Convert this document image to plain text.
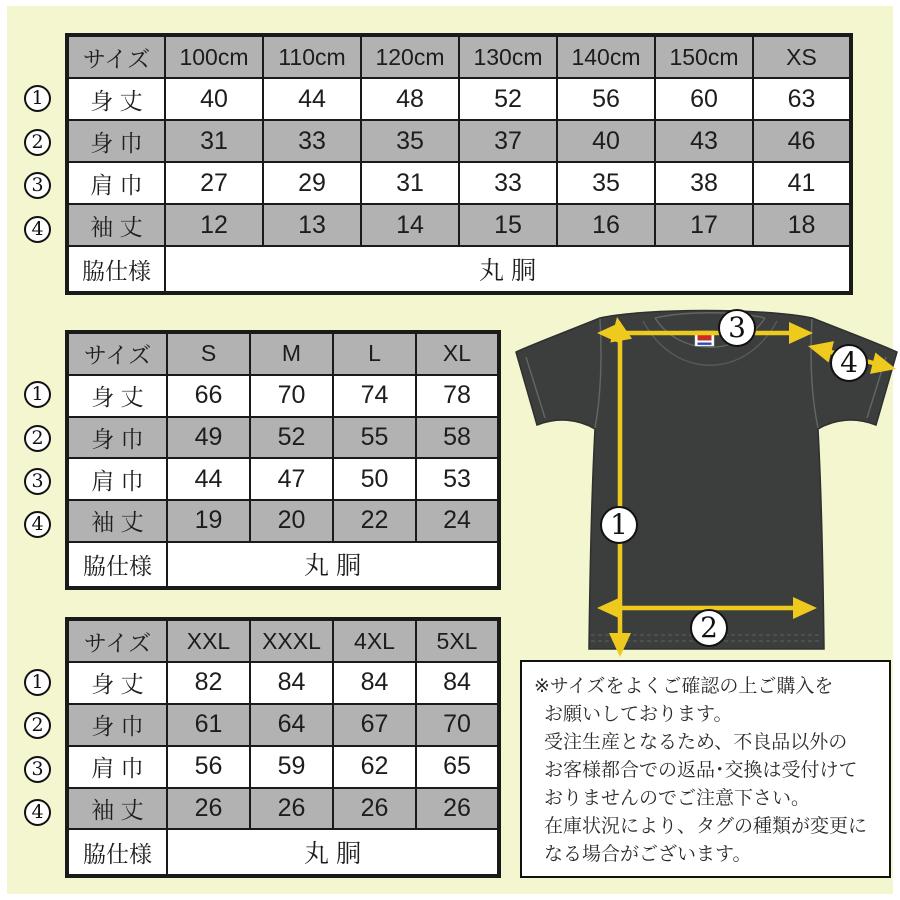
サイズ	100cm	110cm	120cm	130cm	140cm	150cm	XS
身 丈	40	44	48	52	56	60	63
身 巾	31	33	35	37	40	43	46
肩 巾	27	29	31	33	35	38	41
袖 丈	12	13	14	15	16	17	18
脇仕様	丸 胴						
サイズ	S	M	L	XL
身 丈	66	70	74	78
身 巾	49	52	55	58
肩 巾	44	47	50	53
袖 丈	19	20	22	24
脇仕様	丸 胴			
サイズ	XXL	XXXL	4XL	5XL
身 丈	82	84	84	84
身 巾	61	64	67	70
肩 巾	56	59	62	65
袖 丈	26	26	26	26
脇仕様	丸 胴			
1
2
3
4
1
2
3
4
1
2
3
4
1
2
3
4

※サイズをよくご確認の上ご購入を

お願いしております。

受注生産となるため、不良品以外の

お客様都合での返品･交換は受付けて

おりませんのでご注意下さい。

在庫状況により、タグの種類が変更に

なる場合がございます。
